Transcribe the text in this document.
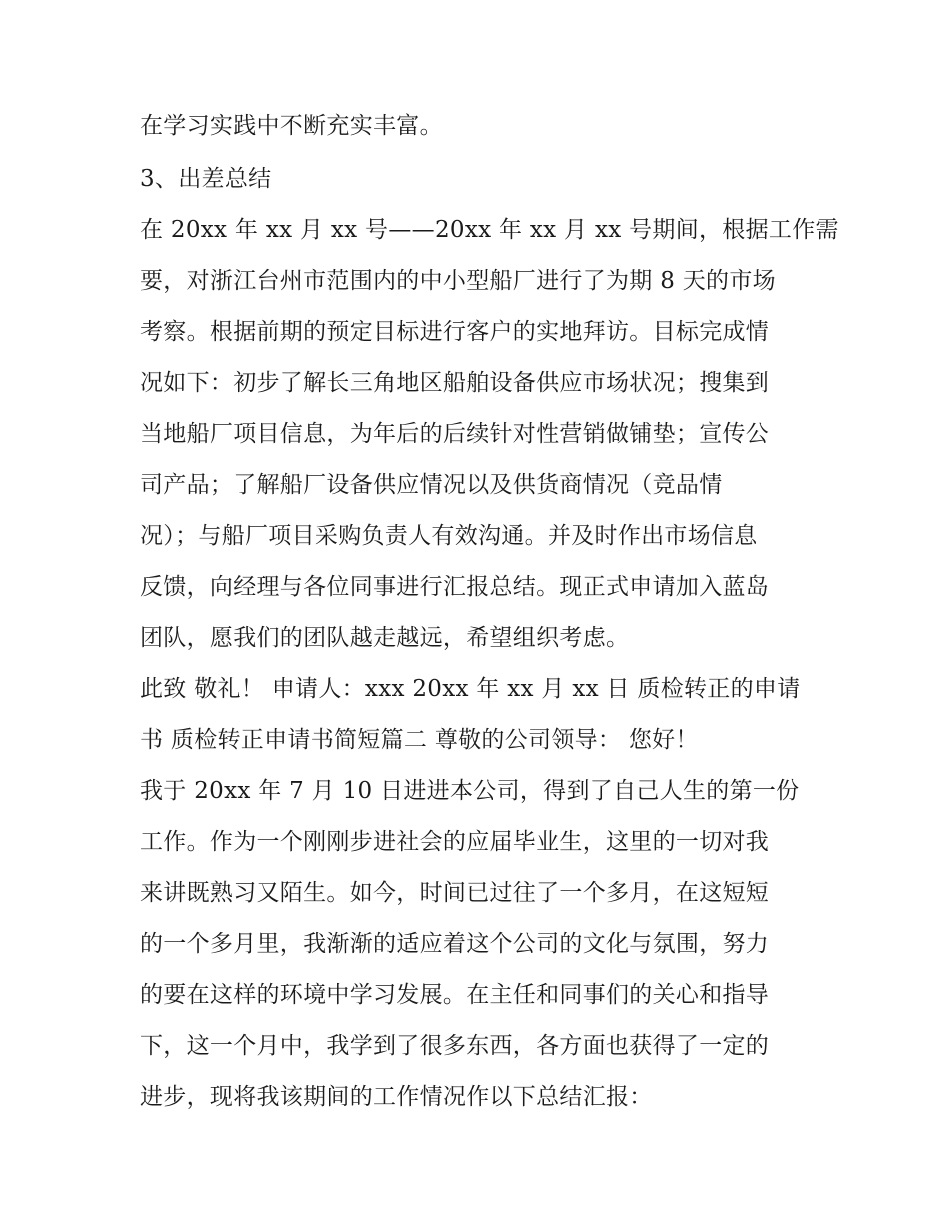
在学习实践中不断充实丰富。
3、出差总结
在 20xx 年 xx 月 xx 号——20xx 年 xx 月 xx 号期间，根据工作需
要，对浙江台州市范围内的中小型船厂进行了为期 8 天的市场
考察。根据前期的预定目标进行客户的实地拜访。目标完成情
况如下：初步了解长三角地区船舶设备供应市场状况；搜集到
当地船厂项目信息，为年后的后续针对性营销做铺垫；宣传公
司产品；了解船厂设备供应情况以及供货商情况（竞品情
况）；与船厂项目采购负责人有效沟通。并及时作出市场信息
反馈，向经理与各位同事进行汇报总结。现正式申请加入蓝岛
团队，愿我们的团队越走越远，希望组织考虑。
此致 敬礼！ 申请人：xxx 20xx 年 xx 月 xx 日 质检转正的申请
书 质检转正申请书简短篇二 尊敬的公司领导： 您好！
我于 20xx 年 7 月 10 日进进本公司，得到了自己人生的第一份
工作。作为一个刚刚步进社会的应届毕业生，这里的一切对我
来讲既熟习又陌生。如今，时间已过往了一个多月，在这短短
的一个多月里，我渐渐的适应着这个公司的文化与氛围，努力
的要在这样的环境中学习发展。在主任和同事们的关心和指导
下，这一个月中，我学到了很多东西，各方面也获得了一定的
进步，现将我该期间的工作情况作以下总结汇报：
